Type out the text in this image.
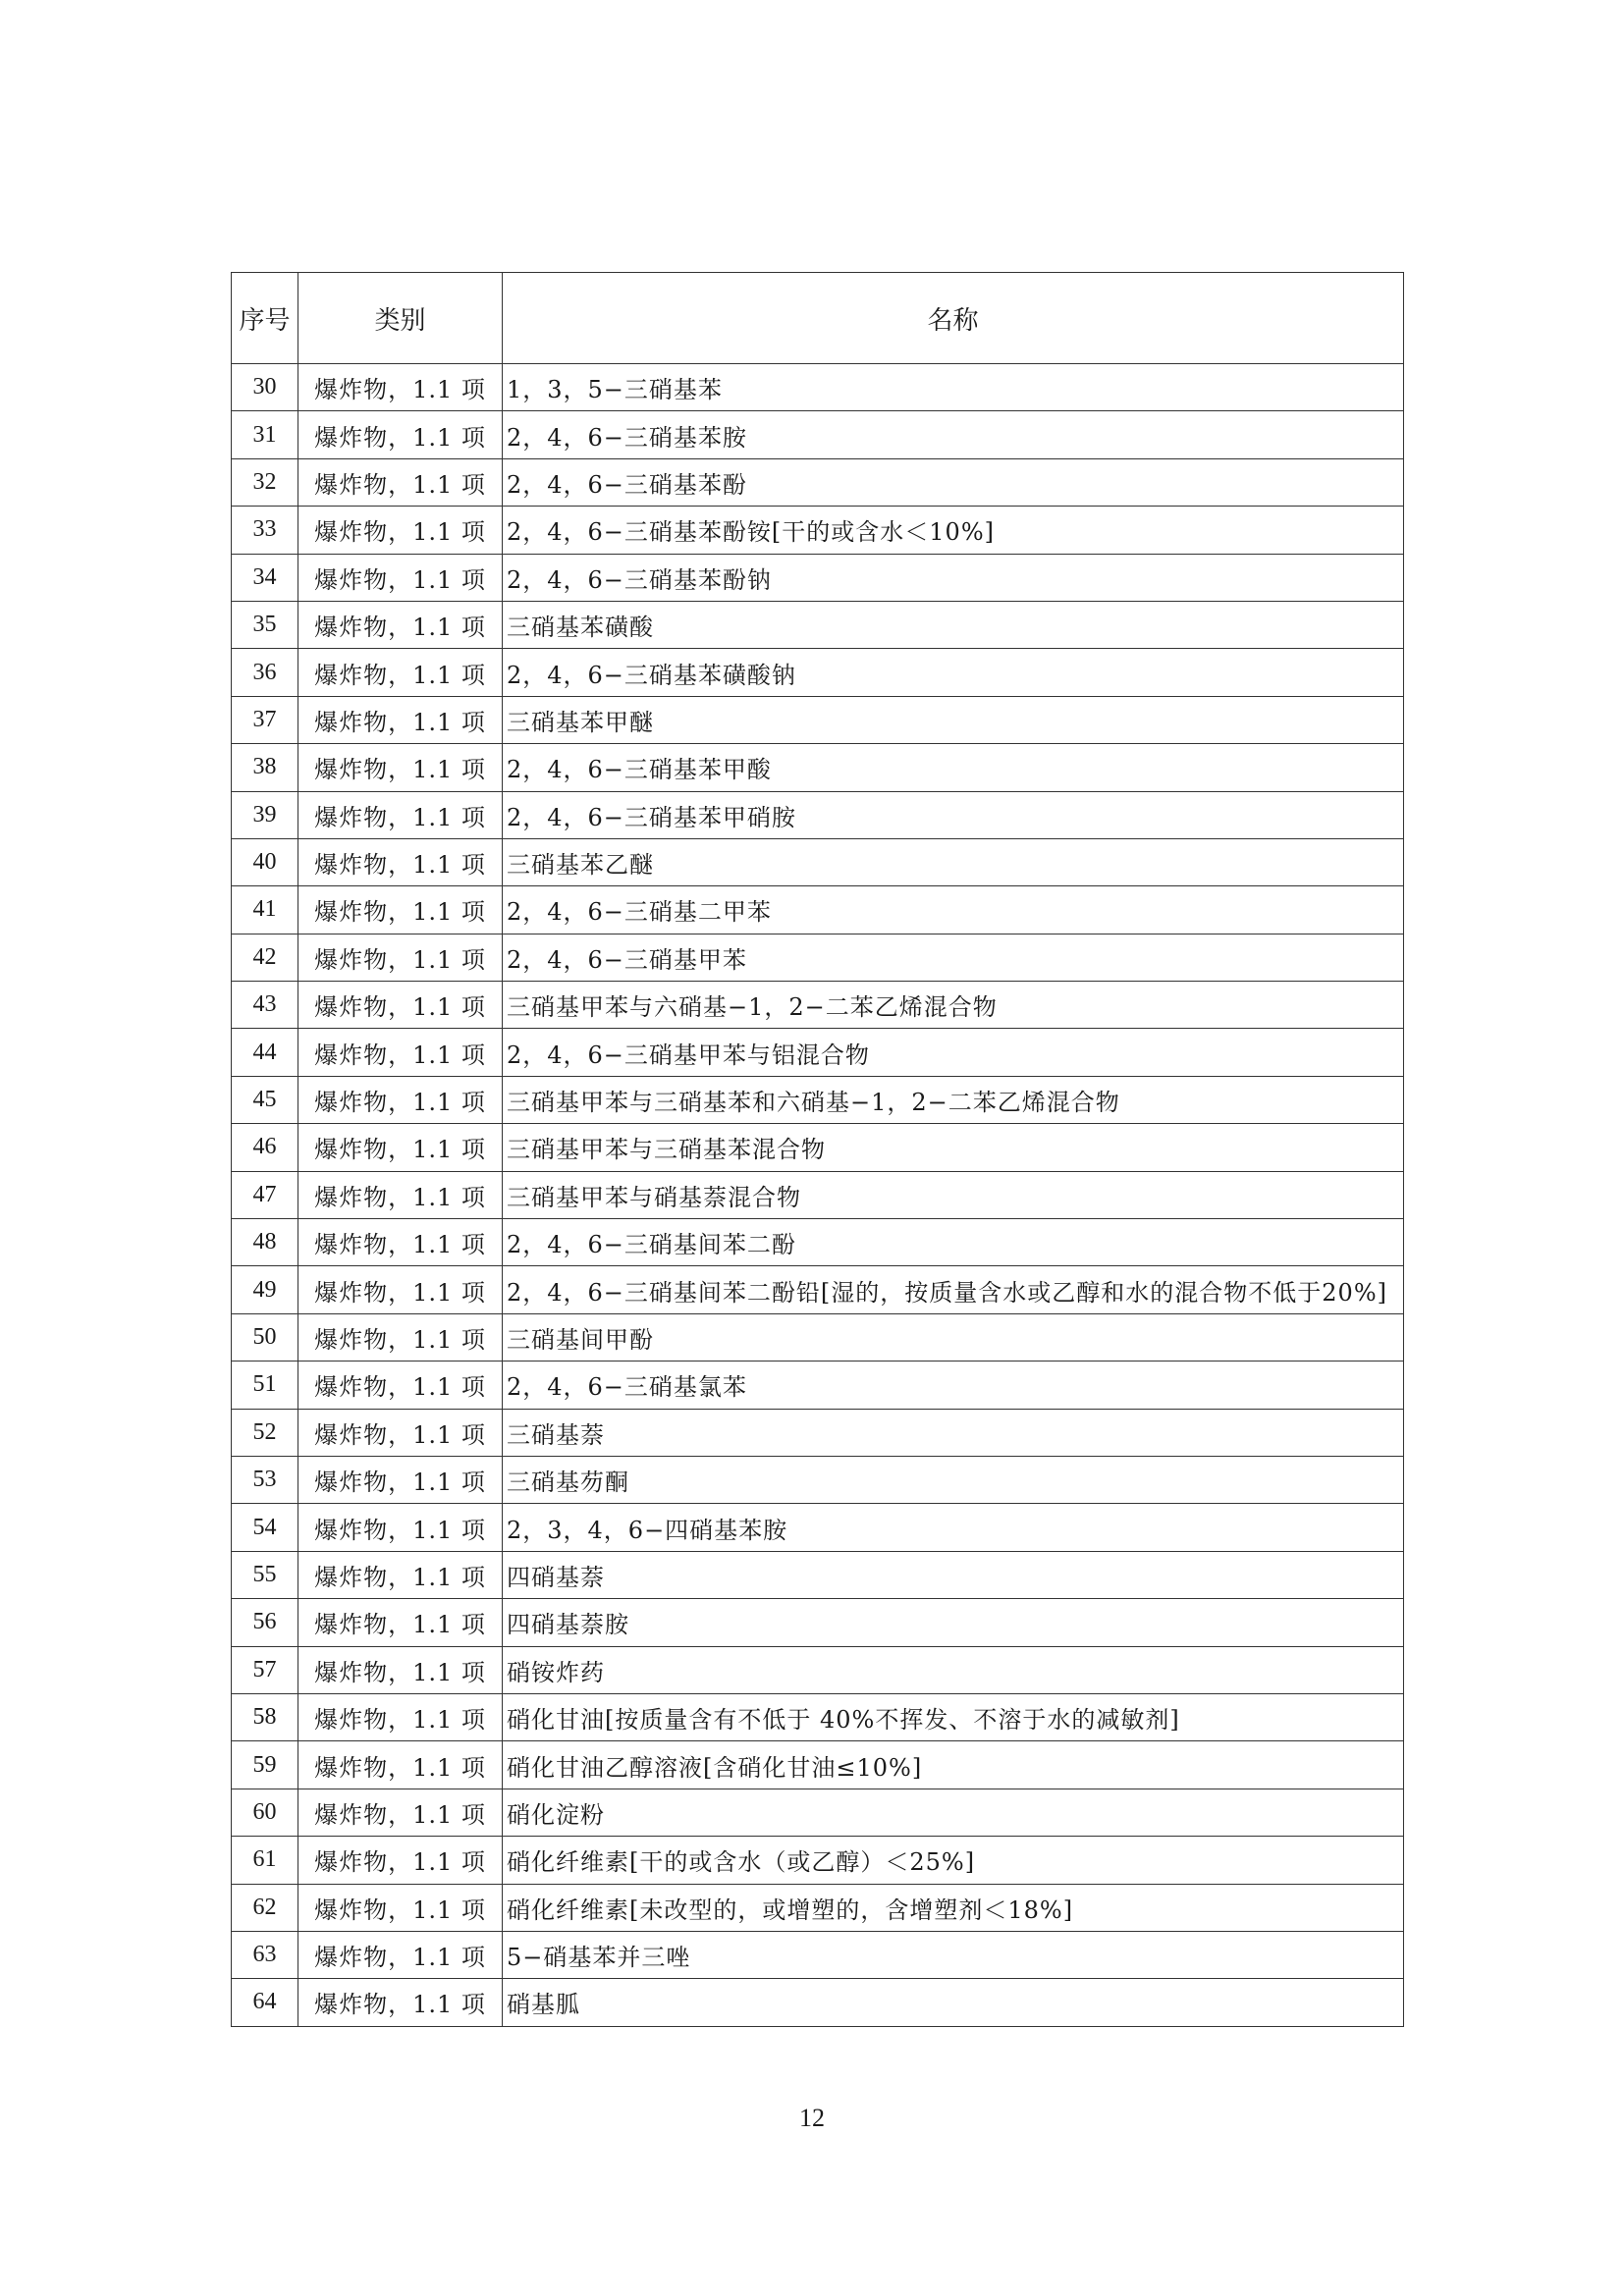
序号	类别	名称
30	爆炸物，1.1 项	1，3，5−三硝基苯
31	爆炸物，1.1 项	2，4，6−三硝基苯胺
32	爆炸物，1.1 项	2，4，6−三硝基苯酚
33	爆炸物，1.1 项	2，4，6−三硝基苯酚铵[干的或含水＜10%]
34	爆炸物，1.1 项	2，4，6−三硝基苯酚钠
35	爆炸物，1.1 项	三硝基苯磺酸
36	爆炸物，1.1 项	2，4，6−三硝基苯磺酸钠
37	爆炸物，1.1 项	三硝基苯甲醚
38	爆炸物，1.1 项	2，4，6−三硝基苯甲酸
39	爆炸物，1.1 项	2，4，6−三硝基苯甲硝胺
40	爆炸物，1.1 项	三硝基苯乙醚
41	爆炸物，1.1 项	2，4，6−三硝基二甲苯
42	爆炸物，1.1 项	2，4，6−三硝基甲苯
43	爆炸物，1.1 项	三硝基甲苯与六硝基−1，2−二苯乙烯混合物
44	爆炸物，1.1 项	2，4，6−三硝基甲苯与铝混合物
45	爆炸物，1.1 项	三硝基甲苯与三硝基苯和六硝基−1，2−二苯乙烯混合物
46	爆炸物，1.1 项	三硝基甲苯与三硝基苯混合物
47	爆炸物，1.1 项	三硝基甲苯与硝基萘混合物
48	爆炸物，1.1 项	2，4，6−三硝基间苯二酚
49	爆炸物，1.1 项	2，4，6−三硝基间苯二酚铅[湿的，按质量含水或乙醇和水的混合物不低于20%]
50	爆炸物，1.1 项	三硝基间甲酚
51	爆炸物，1.1 项	2，4，6−三硝基氯苯
52	爆炸物，1.1 项	三硝基萘
53	爆炸物，1.1 项	三硝基芴酮
54	爆炸物，1.1 项	2，3，4，6−四硝基苯胺
55	爆炸物，1.1 项	四硝基萘
56	爆炸物，1.1 项	四硝基萘胺
57	爆炸物，1.1 项	硝铵炸药
58	爆炸物，1.1 项	硝化甘油[按质量含有不低于 40%不挥发、不溶于水的减敏剂]
59	爆炸物，1.1 项	硝化甘油乙醇溶液[含硝化甘油≤10%]
60	爆炸物，1.1 项	硝化淀粉
61	爆炸物，1.1 项	硝化纤维素[干的或含水（或乙醇）＜25%]
62	爆炸物，1.1 项	硝化纤维素[未改型的，或增塑的，含增塑剂＜18%]
63	爆炸物，1.1 项	5−硝基苯并三唑
64	爆炸物，1.1 项	硝基胍
12
